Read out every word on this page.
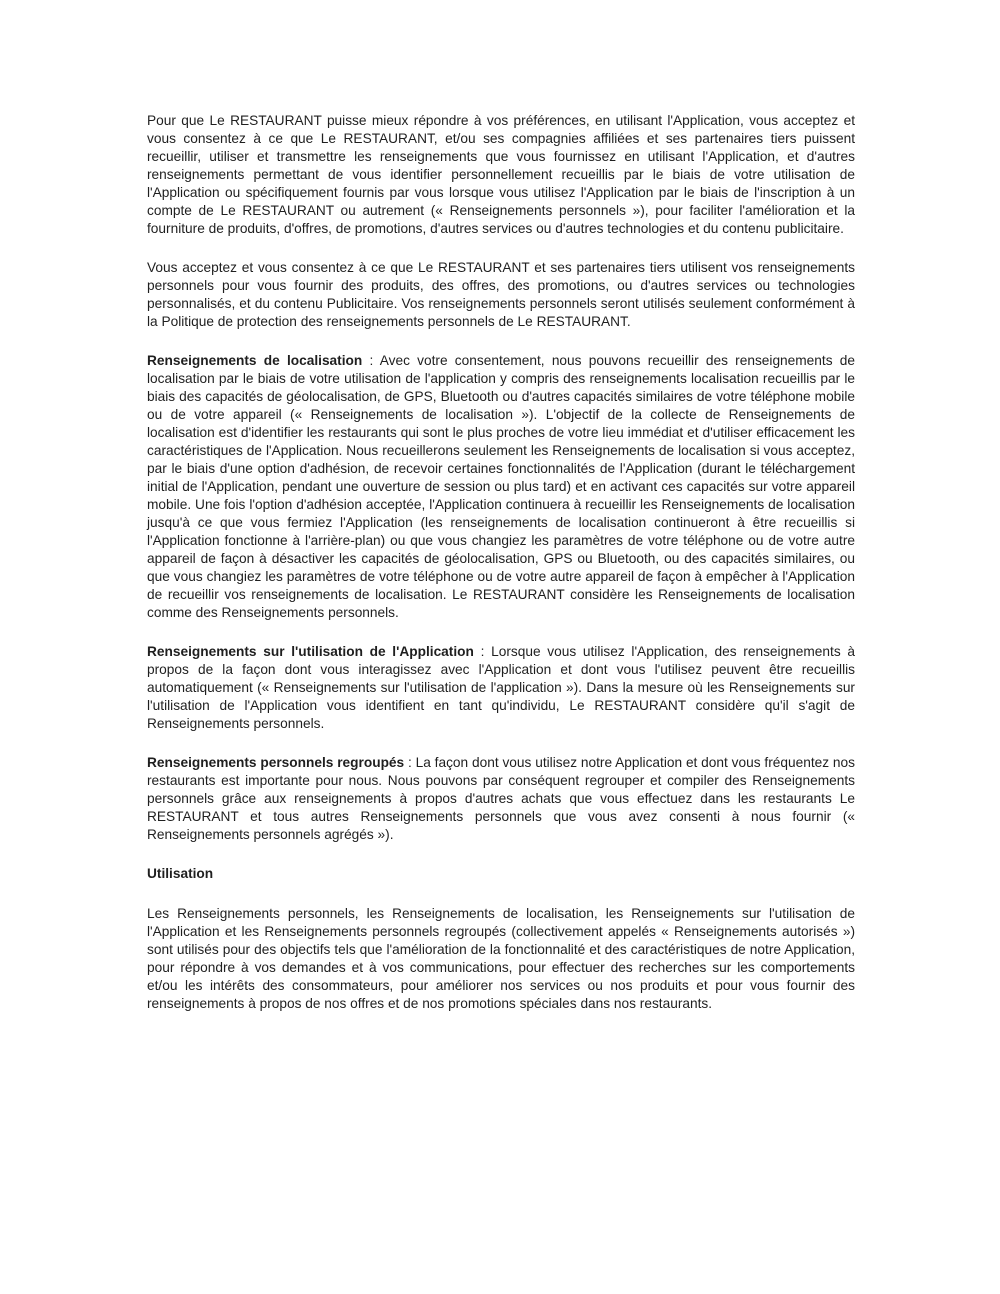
Pour que Le RESTAURANT puisse mieux répondre à vos préférences, en utilisant l'Application, vous acceptez et vous consentez à ce que Le RESTAURANT, et/ou ses compagnies affiliées et ses partenaires tiers puissent recueillir, utiliser et transmettre les renseignements que vous fournissez en utilisant l'Application, et d'autres renseignements permettant de vous identifier personnellement recueillis par le biais de votre utilisation de l'Application ou spécifiquement fournis par vous lorsque vous utilisez l'Application par le biais de l'inscription à un compte de Le RESTAURANT ou autrement (« Renseignements personnels »), pour faciliter l'amélioration et la fourniture de produits, d'offres, de promotions, d'autres services ou d'autres technologies et du contenu publicitaire.

Vous acceptez et vous consentez à ce que Le RESTAURANT et ses partenaires tiers utilisent vos renseignements personnels pour vous fournir des produits, des offres, des promotions, ou d'autres services ou technologies personnalisés, et du contenu Publicitaire. Vos renseignements personnels seront utilisés seulement conformément à la Politique de protection des renseignements personnels de Le RESTAURANT.

Renseignements de localisation : Avec votre consentement, nous pouvons recueillir des renseignements de localisation par le biais de votre utilisation de l'application y compris des renseignements localisation recueillis par le biais des capacités de géolocalisation, de GPS, Bluetooth ou d'autres capacités similaires de votre téléphone mobile ou de votre appareil (« Renseignements de localisation »). L'objectif de la collecte de Renseignements de localisation est d'identifier les restaurants qui sont le plus proches de votre lieu immédiat et d'utiliser efficacement les caractéristiques de l'Application. Nous recueillerons seulement les Renseignements de localisation si vous acceptez, par le biais d'une option d'adhésion, de recevoir certaines fonctionnalités de l'Application (durant le téléchargement initial de l'Application, pendant une ouverture de session ou plus tard) et en activant ces capacités sur votre appareil mobile. Une fois l'option d'adhésion acceptée, l'Application continuera à recueillir les Renseignements de localisation jusqu'à ce que vous fermiez l'Application (les renseignements de localisation continueront à être recueillis si l'Application fonctionne à l'arrière-plan) ou que vous changiez les paramètres de votre téléphone ou de votre autre appareil de façon à désactiver les capacités de géolocalisation, GPS ou Bluetooth, ou des capacités similaires, ou que vous changiez les paramètres de votre téléphone ou de votre autre appareil de façon à empêcher à l'Application de recueillir vos renseignements de localisation. Le RESTAURANT considère les Renseignements de localisation comme des Renseignements personnels.

Renseignements sur l'utilisation de l'Application : Lorsque vous utilisez l'Application, des renseignements à propos de la façon dont vous interagissez avec l'Application et dont vous l'utilisez peuvent être recueillis automatiquement (« Renseignements sur l'utilisation de l'application »). Dans la mesure où les Renseignements sur l'utilisation de l'Application vous identifient en tant qu'individu, Le RESTAURANT considère qu'il s'agit de Renseignements personnels.

Renseignements personnels regroupés : La façon dont vous utilisez notre Application et dont vous fréquentez nos restaurants est importante pour nous. Nous pouvons par conséquent regrouper et compiler des Renseignements personnels grâce aux renseignements à propos d'autres achats que vous effectuez dans les restaurants Le RESTAURANT et tous autres Renseignements personnels que vous avez consenti à nous fournir (« Renseignements personnels agrégés »).

Utilisation

Les Renseignements personnels, les Renseignements de localisation, les Renseignements sur l'utilisation de l'Application et les Renseignements personnels regroupés (collectivement appelés « Renseignements autorisés ») sont utilisés pour des objectifs tels que l'amélioration de la fonctionnalité et des caractéristiques de notre Application, pour répondre à vos demandes et à vos communications, pour effectuer des recherches sur les comportements et/ou les intérêts des consommateurs, pour améliorer nos services ou nos produits et pour vous fournir des renseignements à propos de nos offres et de nos promotions spéciales dans nos restaurants.
